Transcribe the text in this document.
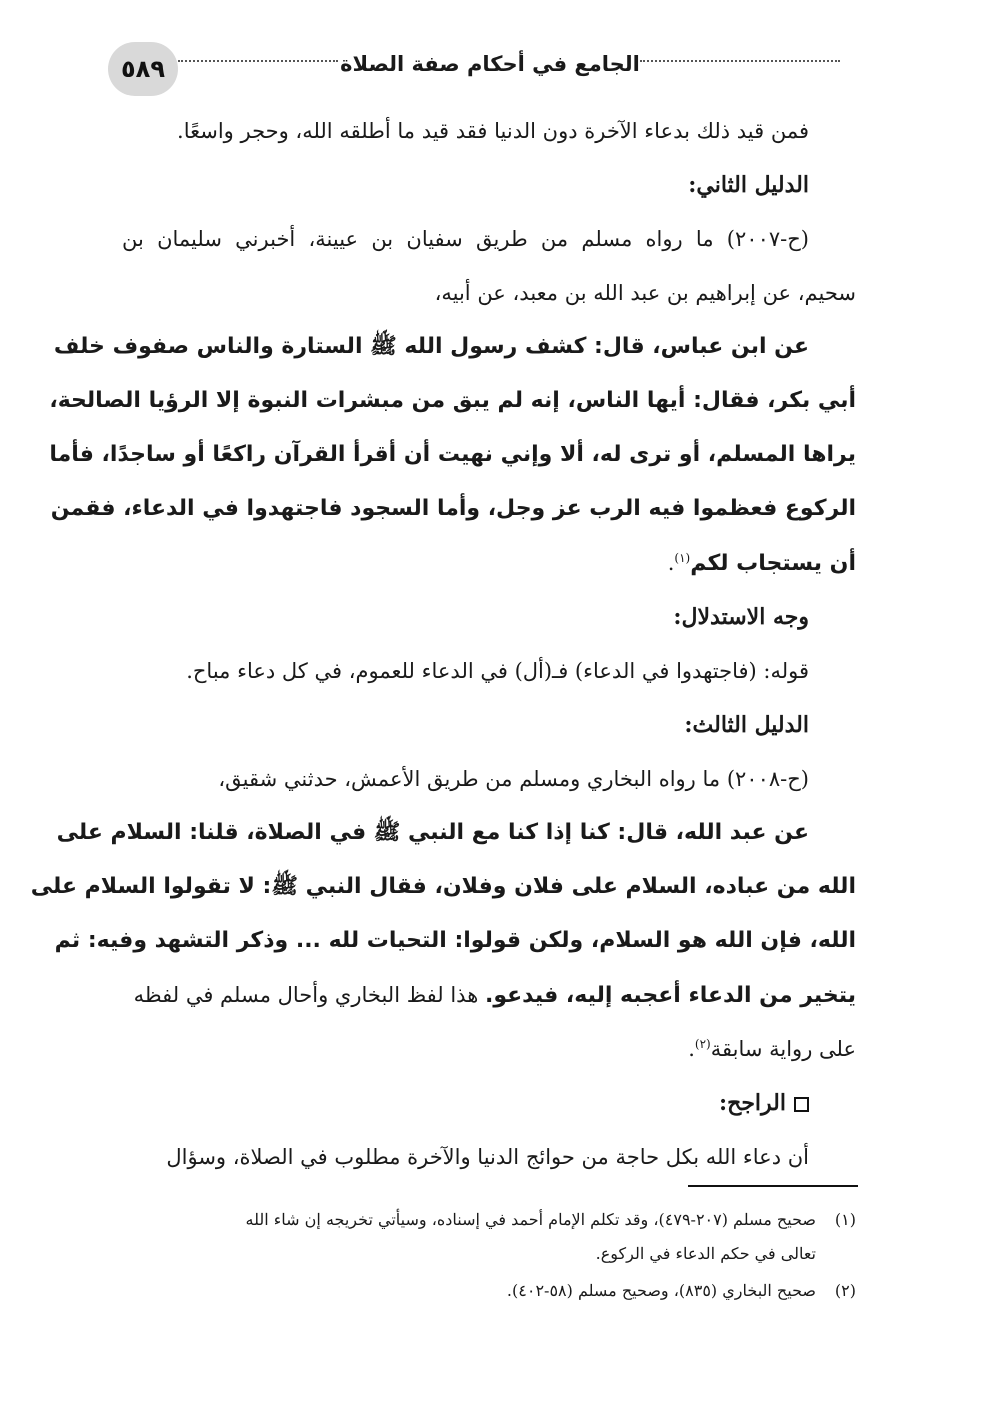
٥٨٩	الجامع في أحكام صفة الصلاة
فمن قيد ذلك بدعاء الآخرة دون الدنيا فقد قيد ما أطلقه الله، وحجر واسعًا.
الدليل الثاني:
(ح-٢٠٠٧) ما رواه مسلم من طريق سفيان بن عيينة، أخبرني سليمان بن
سحيم، عن إبراهيم بن عبد الله بن معبد، عن أبيه،
عن ابن عباس، قال: كشف رسول الله ﷺ الستارة والناس صفوف خلف
أبي بكر، فقال: أيها الناس، إنه لم يبق من مبشرات النبوة إلا الرؤيا الصالحة،
يراها المسلم، أو ترى له، ألا وإني نهيت أن أقرأ القرآن راكعًا أو ساجدًا، فأما
الركوع فعظموا فيه الرب عز وجل، وأما السجود فاجتهدوا في الدعاء، فقمن
أن يستجاب لكم$^{(١)}$.
وجه الاستدلال:
قوله: (فاجتهدوا في الدعاء) فـ(أل) في الدعاء للعموم، في كل دعاء مباح.
الدليل الثالث:
(ح-٢٠٠٨) ما رواه البخاري ومسلم من طريق الأعمش، حدثني شقيق،
عن عبد الله، قال: كنا إذا كنا مع النبي ﷺ في الصلاة، قلنا: السلام على
الله من عباده، السلام على فلان وفلان، فقال النبي ﷺ: لا تقولوا السلام على
الله، فإن الله هو السلام، ولكن قولوا: التحيات لله ... وذكر التشهد وفيه: ثم
يتخير من الدعاء أعجبه إليه، فيدعو. هذا لفظ البخاري وأحال مسلم في لفظه
على رواية سابقة$^{(٢)}$.
الراجح:
أن دعاء الله بكل حاجة من حوائج الدنيا والآخرة مطلوب في الصلاة، وسؤال
(١)صحيح مسلم (٢٠٧-٤٧٩)، وقد تكلم الإمام أحمد في إسناده، وسيأتي تخريجه إن شاء الله
تعالى في حكم الدعاء في الركوع.
(٢)صحيح البخاري (٨٣٥)، وصحيح مسلم (٥٨-٤٠٢).
